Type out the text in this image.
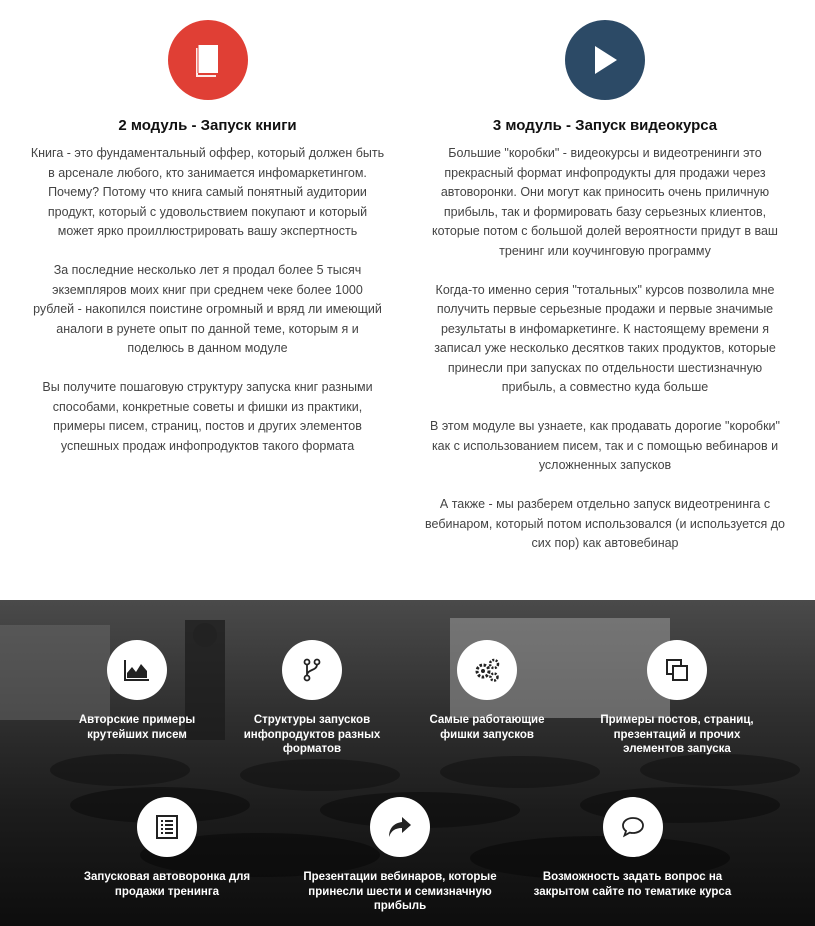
2 модуль - Запуск книги

Книга - это фундаментальный оффер, который должен быть в арсенале любого, кто занимается инфомаркетингом. Почему? Потому что книга самый понятный аудитории продукт, который с удовольствием покупают и который может ярко проиллюстрировать вашу экспертность

За последние несколько лет я продал более 5 тысяч экземпляров моих книг при среднем чеке более 1000 рублей - накопился поистине огромный и вряд ли имеющий аналоги в рунете опыт по данной теме, которым я и поделюсь в данном модуле

Вы получите пошаговую структуру запуска книг разными способами, конкретные советы и фишки из практики, примеры писем, страниц, постов и других элементов успешных продаж инфопродуктов такого формата

3 модуль - Запуск видеокурса

Большие "коробки" - видеокурсы и видеотренинги это прекрасный формат инфопродукты для продажи через автоворонки. Они могут как приносить очень приличную прибыль, так и формировать базу серьезных клиентов, которые потом с большой долей вероятности придут в ваш тренинг или коучинговую программу

Когда-то именно серия "тотальных" курсов позволила мне получить первые серьезные продажи и первые значимые результаты в инфомаркетинге. К настоящему времени я записал уже несколько десятков таких продуктов, которые принесли при запусках по отдельности шестизначную прибыль, а совместно куда больше

В этом модуле вы узнаете, как продавать дорогие "коробки" как с использованием писем, так и с помощью вебинаров и усложненных запусков

А также - мы разберем отдельно запуск видеотренинга с вебинаром, который потом использовался (и используется до сих пор) как автовебинар

Авторские примеры крутейших писем
Структуры запусков инфопродуктов разных форматов
Самые работающие фишки запусков
Примеры постов, страниц, презентаций и прочих элементов запуска
Запусковая автоворонка для продажи тренинга
Презентации вебинаров, которые принесли шести и семизначную прибыль
Возможность задать вопрос на закрытом сайте по тематике курса
